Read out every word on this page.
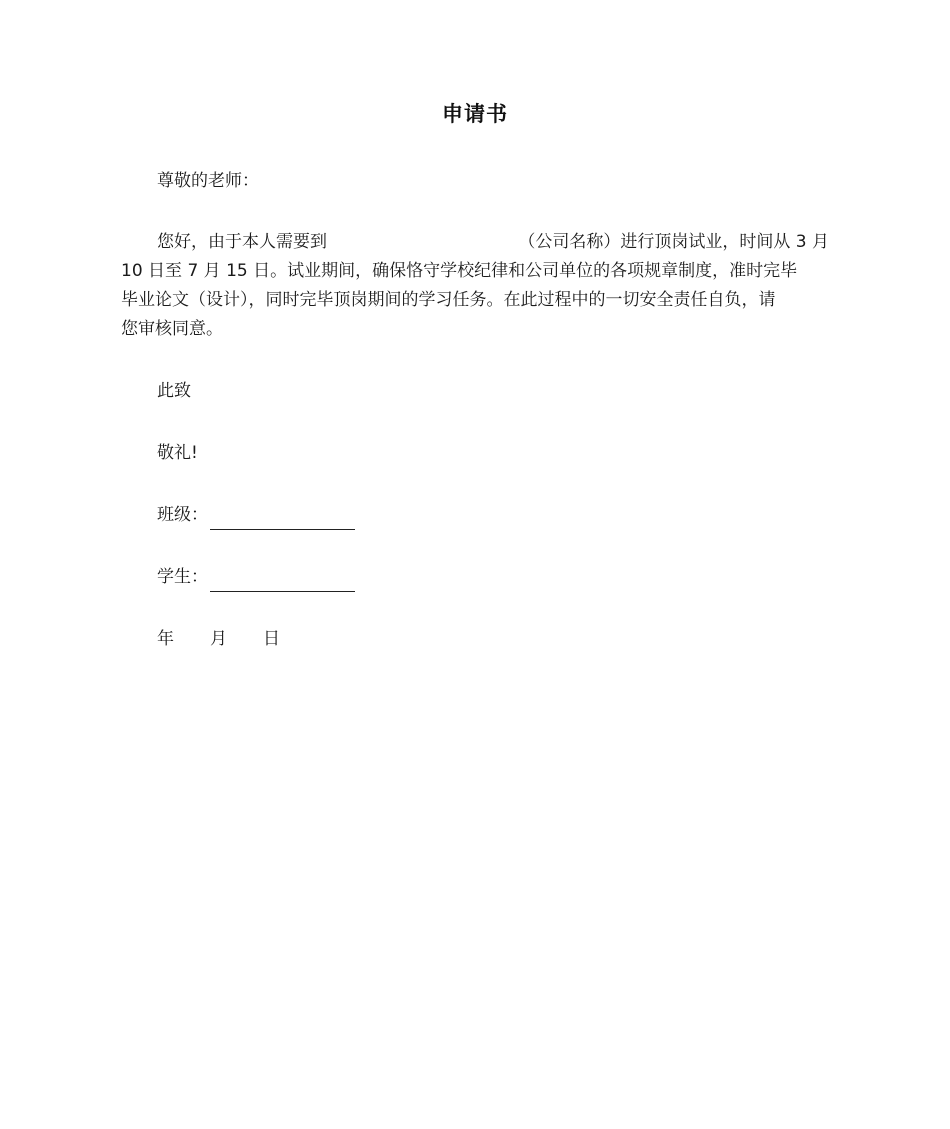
申请书
尊敬的老师：
您好，由于本人需要到	（公司名称）进行顶岗试业，时间从 3 月
10 日至 7 月 15 日。试业期间，确保恪守学校纪律和公司单位的各项规章制度，准时完毕
毕业论文（设计），同时完毕顶岗期间的学习任务。在此过程中的一切安全责任自负，请
您审核同意。
此致
敬礼!
班级：
学生：
年 月 日
